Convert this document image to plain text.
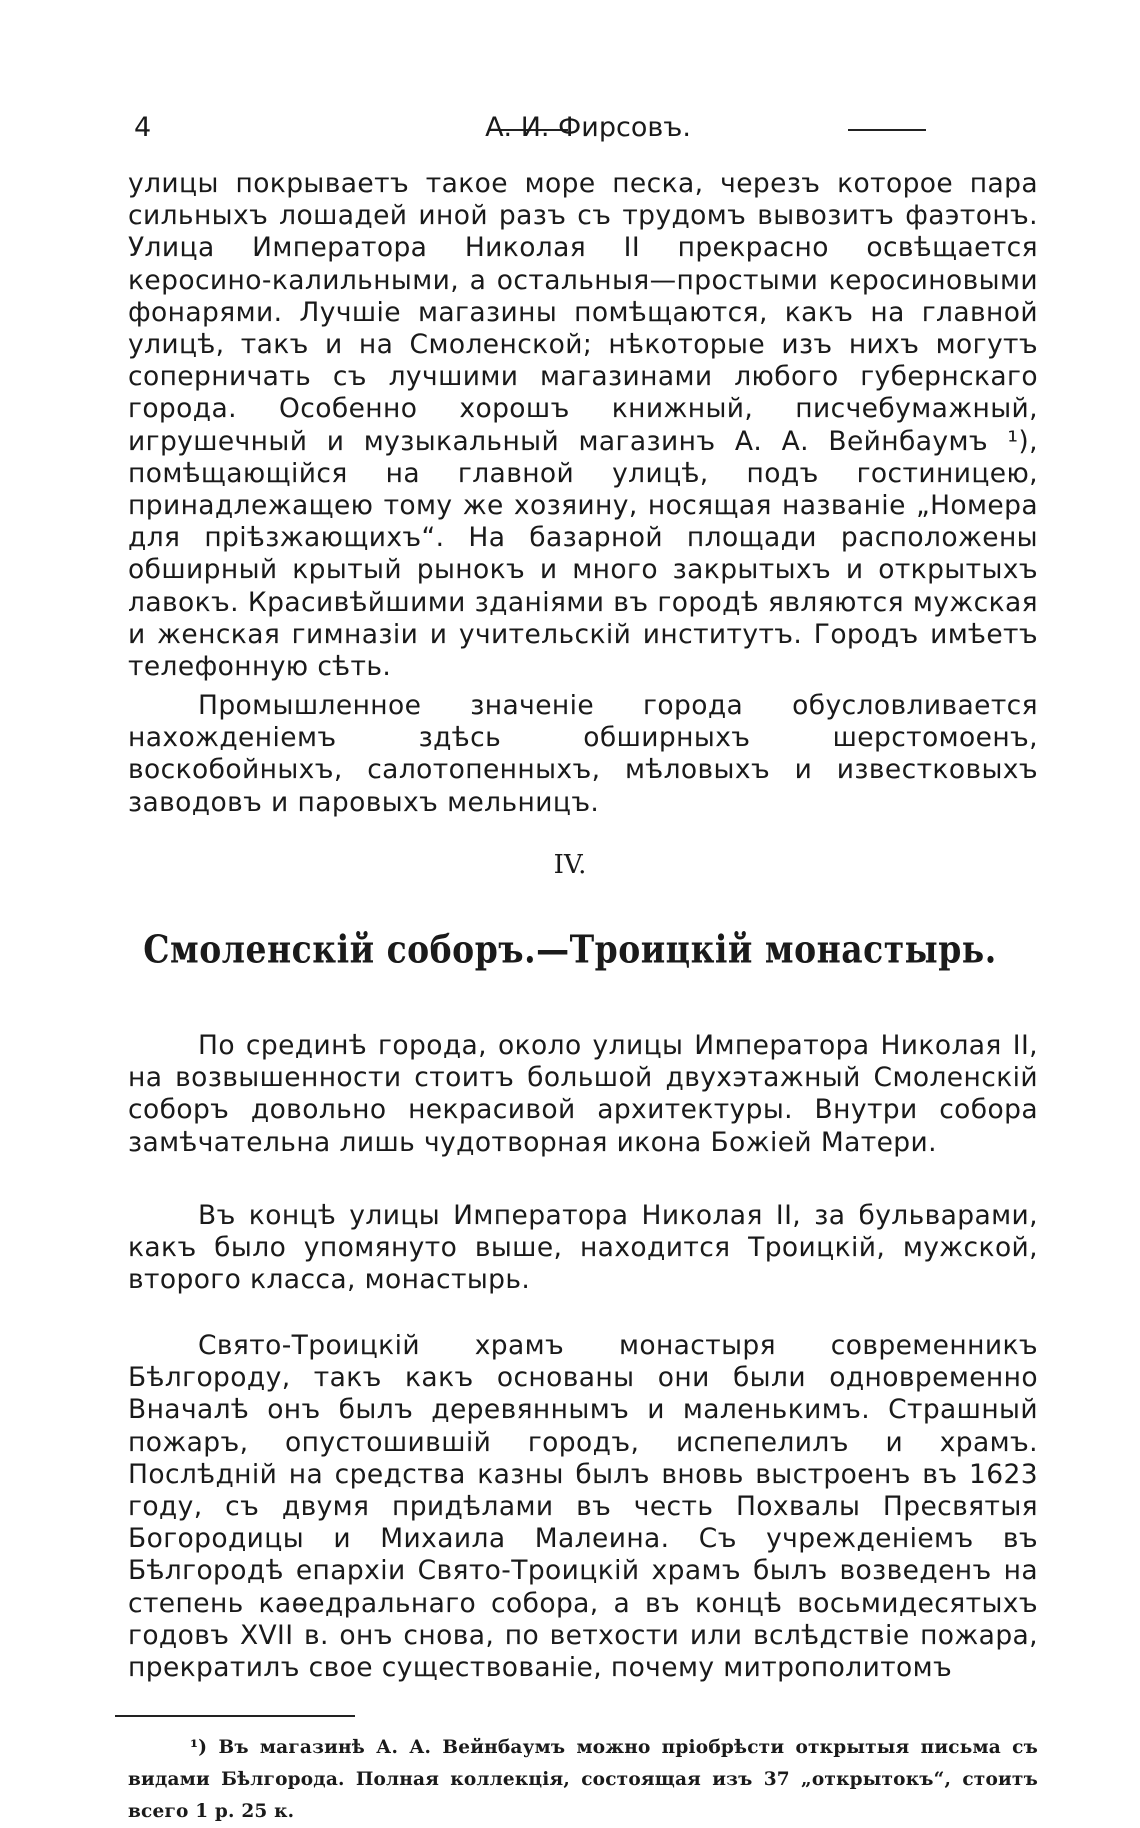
4	А. И. Фирсовъ.

улицы покрываетъ такое море песка, черезъ которое пара сильныхъ лошадей иной разъ съ трудомъ вывозитъ фаэтонъ. Улица Императора Николая II прекрасно освѣщается керосино-калильными, а остальныя—простыми керосиновыми фонарями. Лучшіе магазины помѣщаются, какъ на главной улицѣ, такъ и на Смоленской; нѣкоторые изъ нихъ могутъ соперничать съ лучшими магазинами любого губернскаго города. Особенно хорошъ книжный, писчебумажный, игрушечный и музыкальный магазинъ А. А. Вейнбаумъ ¹), помѣщающійся на главной улицѣ, подъ гостиницею, принадлежащею тому же хозяину, носящая названіе „Номера для пріѣзжающихъ“. На базарной площади расположены обширный крытый рынокъ и много закрытыхъ и открытыхъ лавокъ. Красивѣйшими зданіями въ городѣ являются мужская и женская гимназіи и учительскій институтъ. Городъ имѣетъ телефонную сѣть.

Промышленное значеніе города обусловливается нахожденіемъ здѣсь обширныхъ шерстомоенъ, воскобойныхъ, салотопенныхъ, мѣловыхъ и известковыхъ заводовъ и паровыхъ мельницъ.

IV.
Смоленскій соборъ.—Троицкій монастырь.

По срединѣ города, около улицы Императора Николая II, на возвышенности стоитъ большой двухэтажный Смоленскій соборъ довольно некрасивой архитектуры. Внутри собора замѣчательна лишь чудотворная икона Божіей Матери.

Въ концѣ улицы Императора Николая II, за бульварами, какъ было упомянуто выше, находится Троицкій, мужской, второго класса, монастырь.

Свято-Троицкій храмъ монастыря современникъ Бѣлгороду, такъ какъ основаны они были одновременно Вначалѣ онъ былъ деревяннымъ и маленькимъ. Страшный пожаръ, опустошившій городъ, испепелилъ и храмъ. Послѣдній на средства казны былъ вновь выстроенъ въ 1623 году, съ двумя придѣлами въ честь Похвалы Пресвятыя Богородицы и Михаила Малеина. Съ учрежденіемъ въ Бѣлгородѣ епархіи Свято-Троицкій храмъ былъ возведенъ на степень каѳедральнаго собора, а въ концѣ восьмидесятыхъ годовъ XVII в. онъ снова, по ветхости или вслѣдствіе пожара, прекратилъ свое существованіе, почему митрополитомъ

¹) Въ магазинѣ А. А. Вейнбаумъ можно пріобрѣсти открытыя письма съ видами Бѣлгорода. Полная коллекція, состоящая изъ 37 „открытокъ“, стоитъ всего 1 р. 25 к.
